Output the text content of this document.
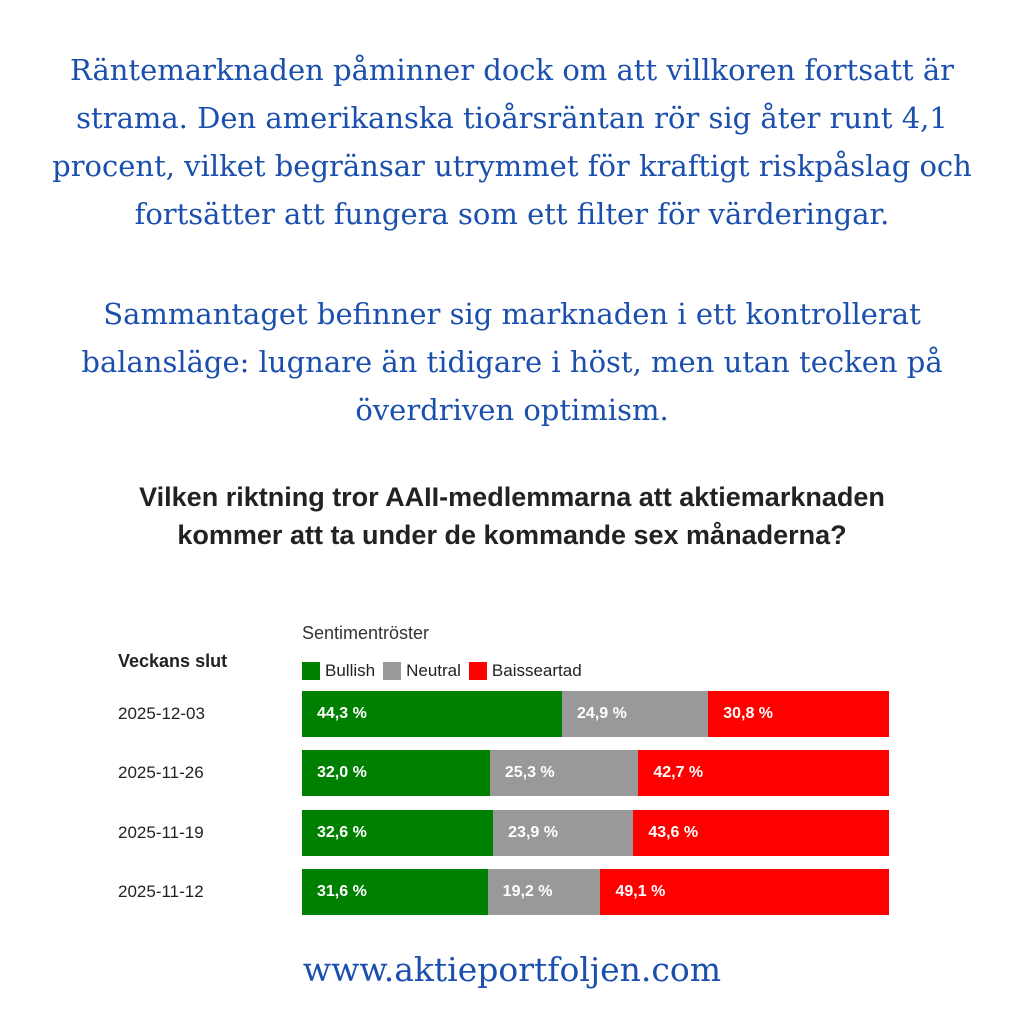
Räntemarknaden påminner dock om att villkoren fortsatt är strama. Den amerikanska tioårsräntan rör sig åter runt 4,1 procent, vilket begränsar utrymmet för kraftigt riskpåslag och fortsätter att fungera som ett filter för värderingar.

Sammantaget befinner sig marknaden i ett kontrollerat balansläge: lugnare än tidigare i höst, men utan tecken på överdriven optimism.

Vilken riktning tror AAII-medlemmarna att aktiemarknaden kommer att ta under de kommande sex månaderna?
Sentimentröster
Veckans slut	Bullish Neutral Baisseartad
2025-12-03	44,3 %	24,9 %	30,8 %
2025-11-26	32,0 %	25,3 %	42,7 %
2025-11-19	32,6 %	23,9 %	43,6 %
2025-11-12	31,6 %	19,2 %	49,1 %
www.aktieportfoljen.com
